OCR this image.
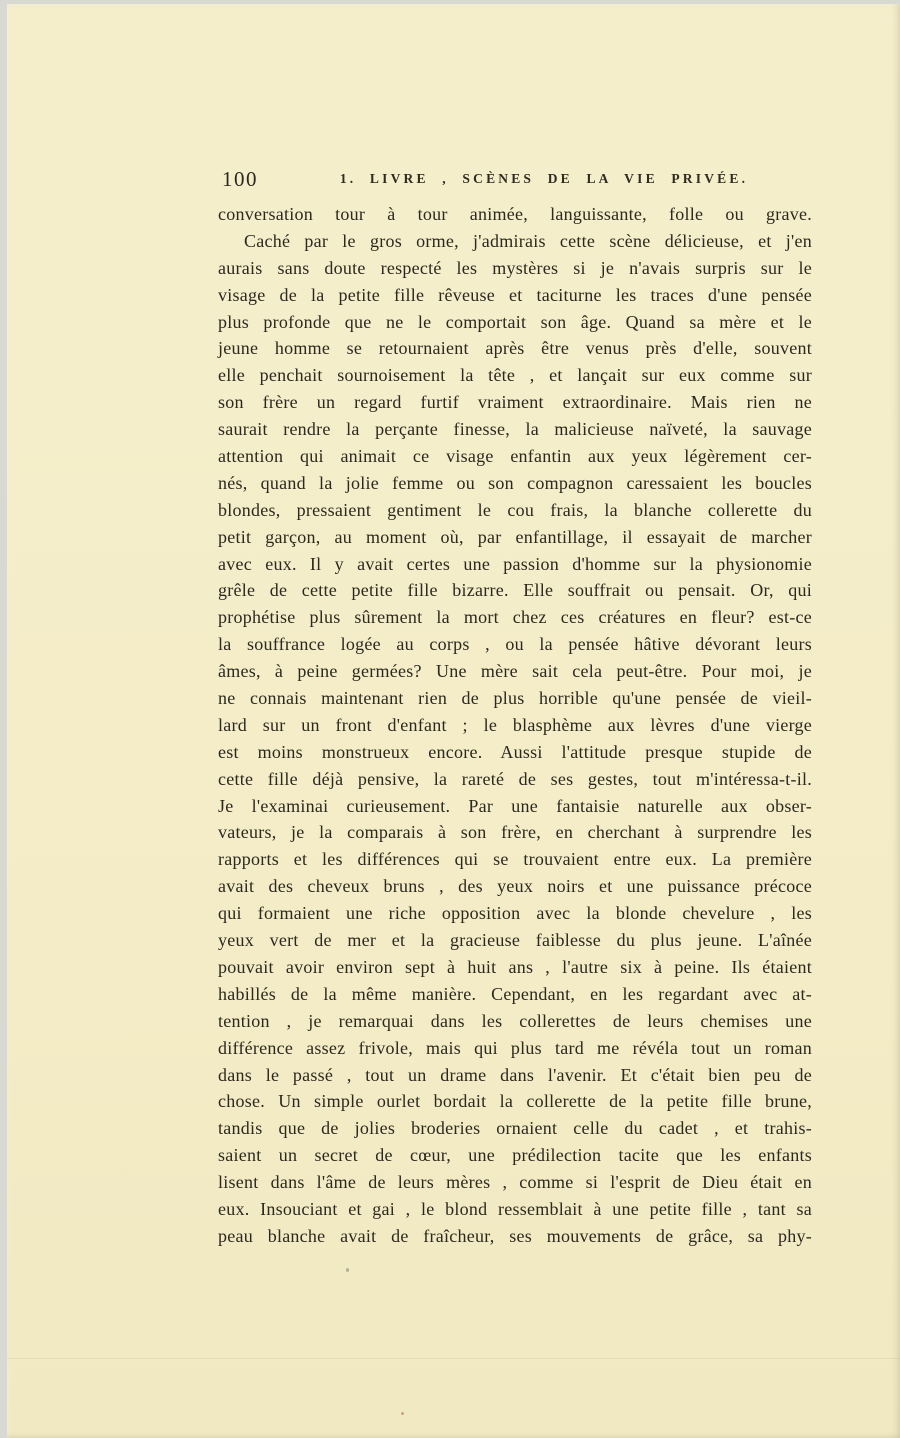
100	1. LIVRE , SCÈNES DE LA VIE PRIVÉE.
conversation tour à tour animée, languissante, folle ou grave.
Caché par le gros orme, j'admirais cette scène délicieuse, et j'en
aurais sans doute respecté les mystères si je n'avais surpris sur le
visage de la petite fille rêveuse et taciturne les traces d'une pensée
plus profonde que ne le comportait son âge. Quand sa mère et le
jeune homme se retournaient après être venus près d'elle, souvent
elle penchait sournoisement la tête , et lançait sur eux comme sur
son frère un regard furtif vraiment extraordinaire. Mais rien ne
saurait rendre la perçante finesse, la malicieuse naïveté, la sauvage
attention qui animait ce visage enfantin aux yeux légèrement cer-
nés, quand la jolie femme ou son compagnon caressaient les boucles
blondes, pressaient gentiment le cou frais, la blanche collerette du
petit garçon, au moment où, par enfantillage, il essayait de marcher
avec eux. Il y avait certes une passion d'homme sur la physionomie
grêle de cette petite fille bizarre. Elle souffrait ou pensait. Or, qui
prophétise plus sûrement la mort chez ces créatures en fleur? est-ce
la souffrance logée au corps , ou la pensée hâtive dévorant leurs
âmes, à peine germées? Une mère sait cela peut-être. Pour moi, je
ne connais maintenant rien de plus horrible qu'une pensée de vieil-
lard sur un front d'enfant ; le blasphème aux lèvres d'une vierge
est moins monstrueux encore. Aussi l'attitude presque stupide de
cette fille déjà pensive, la rareté de ses gestes, tout m'intéressa-t-il.
Je l'examinai curieusement. Par une fantaisie naturelle aux obser-
vateurs, je la comparais à son frère, en cherchant à surprendre les
rapports et les différences qui se trouvaient entre eux. La première
avait des cheveux bruns , des yeux noirs et une puissance précoce
qui formaient une riche opposition avec la blonde chevelure , les
yeux vert de mer et la gracieuse faiblesse du plus jeune. L'aînée
pouvait avoir environ sept à huit ans , l'autre six à peine. Ils étaient
habillés de la même manière. Cependant, en les regardant avec at-
tention , je remarquai dans les collerettes de leurs chemises une
différence assez frivole, mais qui plus tard me révéla tout un roman
dans le passé , tout un drame dans l'avenir. Et c'était bien peu de
chose. Un simple ourlet bordait la collerette de la petite fille brune,
tandis que de jolies broderies ornaient celle du cadet , et trahis-
saient un secret de cœur, une prédilection tacite que les enfants
lisent dans l'âme de leurs mères , comme si l'esprit de Dieu était en
eux. Insouciant et gai , le blond ressemblait à une petite fille , tant sa
peau blanche avait de fraîcheur, ses mouvements de grâce, sa phy-
